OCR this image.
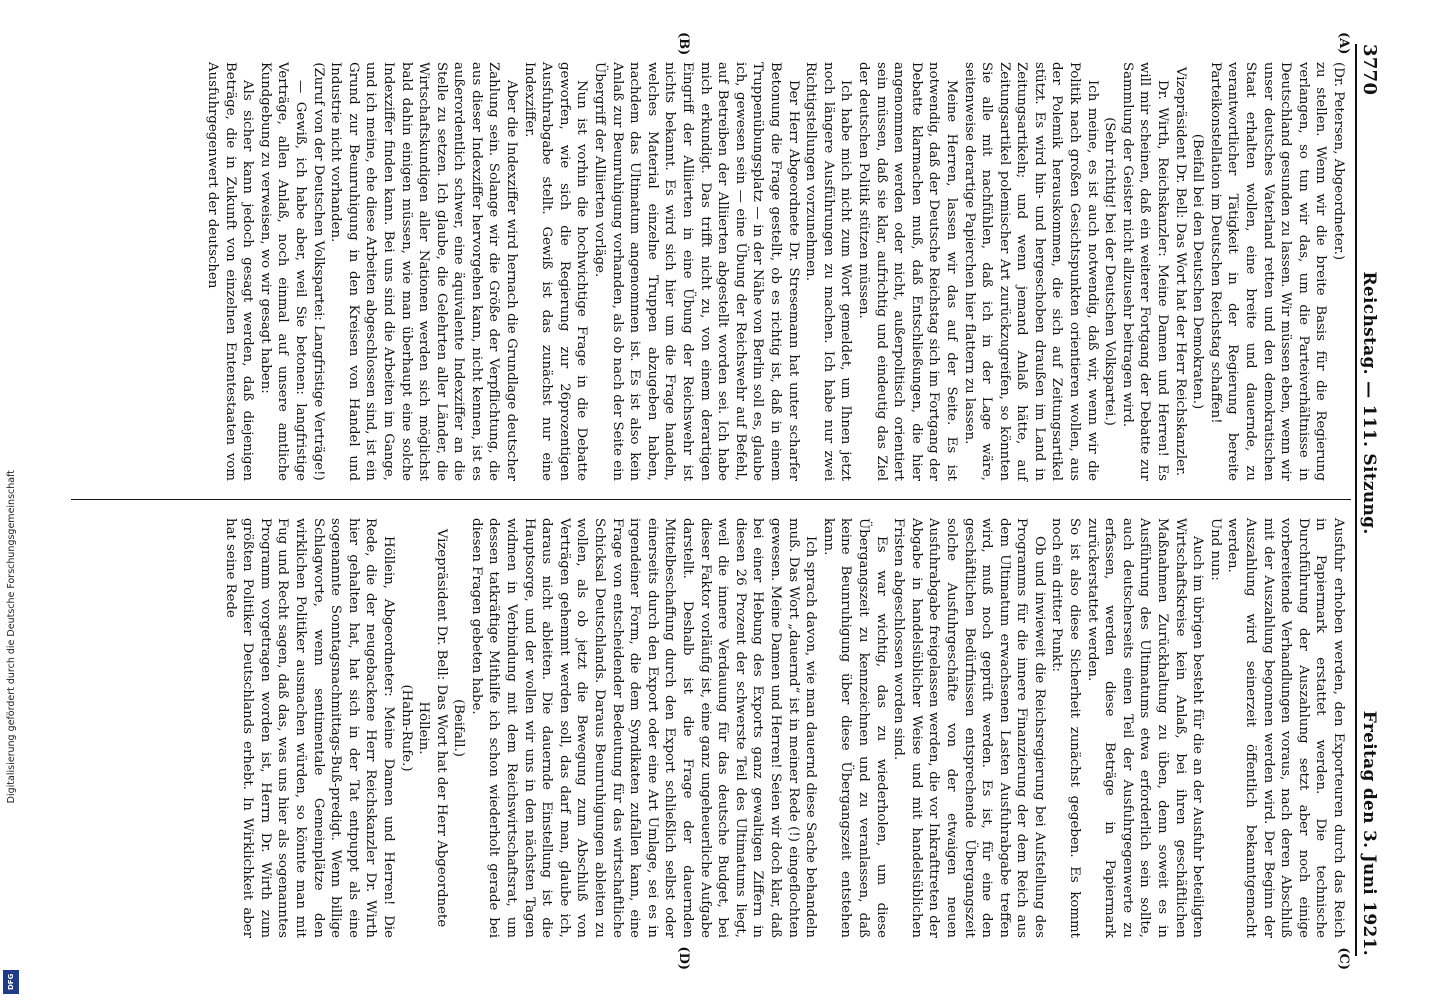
3770
Reichstag. — 111. Sitzung.
Freitag den 3. Juni 1921.

(Dr. Petersen, Abgeordneter.)

zu stellen. Wenn wir die breite Basis für die Regierung verlangen, so tun wir das, um die Parteiverhältnisse in Deutschland gesunden zu lassen. Wir müssen eben, wenn wir unser deutsches Vaterland retten und den demokratischen Staat erhalten wollen, eine breite und dauernde, zu verantwortlicher Tätigkeit in der Regierung bereite Parteikonstellation im Deutschen Reichstag schaffen!

(Beifall bei den Deutschen Demokraten.)

Vizepräsident Dr. Bell: Das Wort hat der Herr Reichskanzler.

Dr. Wirth, Reichskanzler: Meine Damen und Herren! Es will mir scheinen, daß ein weiterer Fortgang der Debatte zur Sammlung der Geister nicht allzusehr beitragen wird.

(Sehr richtig! bei der Deutschen Volkspartei.)

Ich meine, es ist auch notwendig, daß wir, wenn wir die Politik nach großen Gesichtspunkten orientieren wollen, aus der Polemik herauskommen, die sich auf Zeitungsartikel stützt. Es wird hin- und hergeschoben draußen im Land in Zeitungsartikeln; und wenn jemand Anlaß hätte, auf Zeitungsartikel polemischer Art zurückzugreifen, so könnten Sie alle mit nachfühlen, daß ich in der Lage wäre, seitenweise derartige Papierchen hier flattern zu lassen.

Meine Herren, lassen wir das auf der Seite. Es ist notwendig, daß der Deutsche Reichstag sich im Fortgang der Debatte klarmachen muß, daß Entschließungen, die hier angenommen werden oder nicht, außerpolitisch orientiert sein müssen, daß sie klar, aufrichtig und eindeutig das Ziel der deutschen Politik stützen müssen.

Ich habe mich nicht zum Wort gemeldet, um Ihnen jetzt noch längere Ausführungen zu machen. Ich habe nur zwei Richtigstellungen vorzunehmen.

Der Herr Abgeordnete Dr. Stresemann hat unter scharfer Betonung die Frage gestellt, ob es richtig ist, daß in einem Truppenübungsplatz — in der Nähe von Berlin soll es, glaube ich, gewesen sein — eine Übung der Reichswehr auf Befehl, auf Betreiben der Alliierten abgestellt worden sei. Ich habe mich erkundigt. Das trifft nicht zu, von einem derartigen Eingriff der Alliierten in eine Übung der Reichswehr ist nichts bekannt. Es wird sich hier um die Frage handeln, welches Material einzelne Truppen abzugeben haben, nachdem das Ultimatum angenommen ist. Es ist also kein Anlaß zur Beunruhigung vorhanden, als ob nach der Seite ein Übergriff der Alliierten vorläge.

Nun ist vorhin die hochwichtige Frage in die Debatte geworfen, wie sich die Regierung zur 26prozentigen Ausfuhrabgabe stellt. Gewiß ist das zunächst nur eine Indexziffer.

Aber die Indexziffer wird hernach die Grundlage deutscher Zahlung sein. Solange wir die Größe der Verpflichtung, die aus dieser Indexziffer hervorgehen kann, nicht kennen, ist es außerordentlich schwer, eine äquivalente Indexziffer an die Stelle zu setzen. Ich glaube, die Gelehrten aller Länder, die Wirtschaftskundigen aller Nationen werden sich möglichst bald dahin einigen müssen, wie man überhaupt eine solche Indexziffer finden kann. Bei uns sind die Arbeiten im Gange, und ich meine, ehe diese Arbeiten abgeschlossen sind, ist ein Grund zur Beunruhigung in den Kreisen von Handel und Industrie nicht vorhanden.

(Zuruf von der Deutschen Volkspartei: Langfristige Verträge!)

— Gewiß, ich habe aber, weil Sie betonen: langfristige Verträge, allen Anlaß, noch einmal auf unsere amtliche Kundgebung zu verweisen, wo wir gesagt haben:

Als sicher kann jedoch gesagt werden, daß diejenigen Beträge, die in Zukunft von einzelnen Ententestaaten vom Ausfuhrgegenwert der deutschen

Ausfuhr erhoben werden, den Exporteuren durch das Reich in Papiermark erstattet werden. Die technische Durchführung der Auszahlung setzt aber noch einige vorbereitende Verhandlungen voraus, nach deren Abschluß mit der Auszahlung begonnen werden wird. Der Beginn der Auszahlung wird seinerzeit öffentlich bekanntgemacht werden.

Und nun:

Auch im übrigen besteht für die an der Ausfuhr beteiligten Wirtschaftskreise kein Anlaß, bei ihren geschäftlichen Maßnahmen Zurückhaltung zu üben, denn soweit es in Ausführung des Ultimatums etwa erforderlich sein sollte, auch deutscherseits einen Teil der Ausfuhrgegenwerte zu erfassen, werden diese Beträge in Papiermark zurückerstattet werden.

So ist also diese Sicherheit zunächst gegeben. Es kommt noch ein dritter Punkt:

Ob und inwieweit die Reichsregierung bei Aufstellung des Programms für die innere Finanzierung der dem Reich aus dem Ultimatum erwachsenen Lasten Ausfuhrabgabe treffen wird, muß noch geprüft werden. Es ist, für eine den geschäftlichen Bedürfnissen entsprechende Übergangszeit solche Ausfuhrgeschäfte von der etwaigen neuen Ausfuhrabgabe freigelassen werden, die vor Inkrafttreten der Abgabe in handelsüblicher Weise und mit handelsüblichen Fristen abgeschlossen worden sind.

Es war wichtig, das zu wiederholen, um diese Übergangszeit zu kennzeichnen und zu veranlassen, daß keine Beunruhigung über diese Übergangszeit entstehen kann.

Ich sprach davon, wie man dauernd diese Sache behandeln muß. Das Wort „dauernd“ ist in meiner Rede (!) eingeflochten gewesen. Meine Damen und Herren! Seien wir doch klar, daß bei einer Hebung des Exports ganz gewaltigen Ziffern in diesen 26 Prozent der schwerste Teil des Ultimatums liegt, weil die innere Verdauung für das deutsche Budget, bei dieser Faktor vorläufig ist, eine ganz ungeheuerliche Aufgabe darstellt. Deshalb ist die Frage der dauernden Mittelbeschaffung durch den Export schließlich selbst oder einerseits durch den Export oder eine Art Umlage, sei es in irgendeiner Form, die dem Syndikaten zufallen kann, eine Frage von entscheidender Bedeutung für das wirtschaftliche Schicksal Deutschlands. Daraus Beunruhigungen ableiten zu wollen, als ob jetzt die Bewegung zum Abschluß von Verträgen gehemmt werden soll, das darf man, glaube ich, daraus nicht ableiten. Die dauernde Einstellung ist die Hauptsorge, und der wollen wir uns in den nächsten Tagen widmen in Verbindung mit dem Reichswirtschaftsrat, um dessen tatkräftige Mithilfe ich schon wiederholt gerade bei diesen Fragen gebeten habe.

(Beifall.)

Vizepräsident Dr. Bell: Das Wort hat der Herr Abgeordnete Höllein.

(Hahn-Rufe.)

Höllein, Abgeordneter: Meine Damen und Herren! Die Rede, die der neugebackene Herr Reichskanzler Dr. Wirth hier gehalten hat, hat sich in der Tat entpuppt als eine sogenannte Sonntagsnachmittags-Buß-predigt. Wenn billige Schlagworte, wenn sentimentale Gemeinplätze den wirklichen Politiker ausmachen würden, so könnte man mit Fug und Recht sagen, daß das, was uns hier als sogenanntes Programm vorgetragen worden ist, Herrn Dr. Wirth zum größten Politiker Deutschlands erhebt. In Wirklichkeit aber hat seine Rede

(A)
(B)
(C)
(D)
Digitalisierung gefördert durch die Deutsche Forschungsgemeinschaft
DFG
